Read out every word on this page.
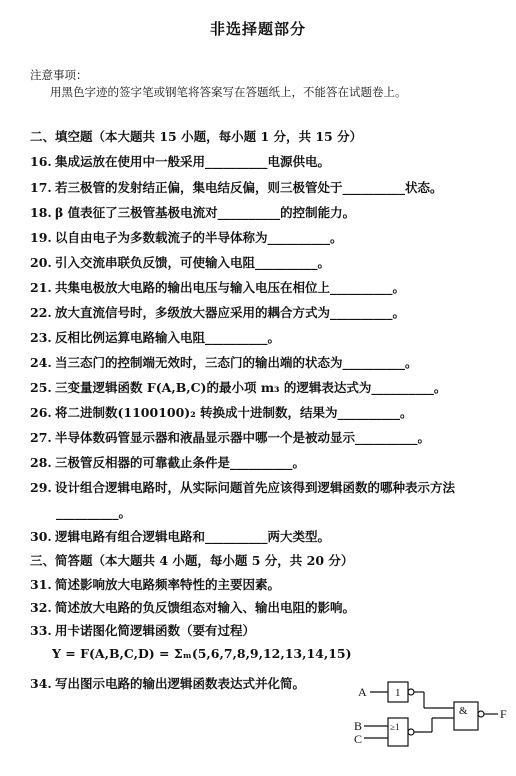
非选择题部分
注意事项：
用黑色字迹的签字笔或钢笔将答案写在答题纸上，不能答在试题卷上。
二、填空题（本大题共 15 小题，每小题 1 分，共 15 分）
16. 集成运放在使用中一般采用__________电源供电。
17. 若三极管的发射结正偏，集电结反偏，则三极管处于__________状态。
18. β 值表征了三极管基极电流对__________的控制能力。
19. 以自由电子为多数载流子的半导体称为__________。
20. 引入交流串联负反馈，可使输入电阻__________。
21. 共集电极放大电路的输出电压与输入电压在相位上__________。
22. 放大直流信号时，多级放大器应采用的耦合方式为__________。
23. 反相比例运算电路输入电阻__________。
24. 当三态门的控制端无效时，三态门的输出端的状态为__________。
25. 三变量逻辑函数 F(A,B,C)的最小项 m₃ 的逻辑表达式为__________。
26. 将二进制数(1100100)₂ 转换成十进制数，结果为__________。
27. 半导体数码管显示器和液晶显示器中哪一个是被动显示__________。
28. 三极管反相器的可靠截止条件是__________。
29. 设计组合逻辑电路时，从实际问题首先应该得到逻辑函数的哪种表示方法
__________。
30. 逻辑电路有组合逻辑电路和__________两大类型。
三、简答题（本大题共 4 小题，每小题 5 分，共 20 分）
31. 简述影响放大电路频率特性的主要因素。
32. 简述放大电路的负反馈组态对输入、输出电阻的影响。
33. 用卡诺图化简逻辑函数（要有过程）
Y = F(A,B,C,D) = Σₘ(5,6,7,8,9,12,13,14,15)
34. 写出图示电路的输出逻辑函数表达式并化简。
A
B
C
1
&
≥1
F
